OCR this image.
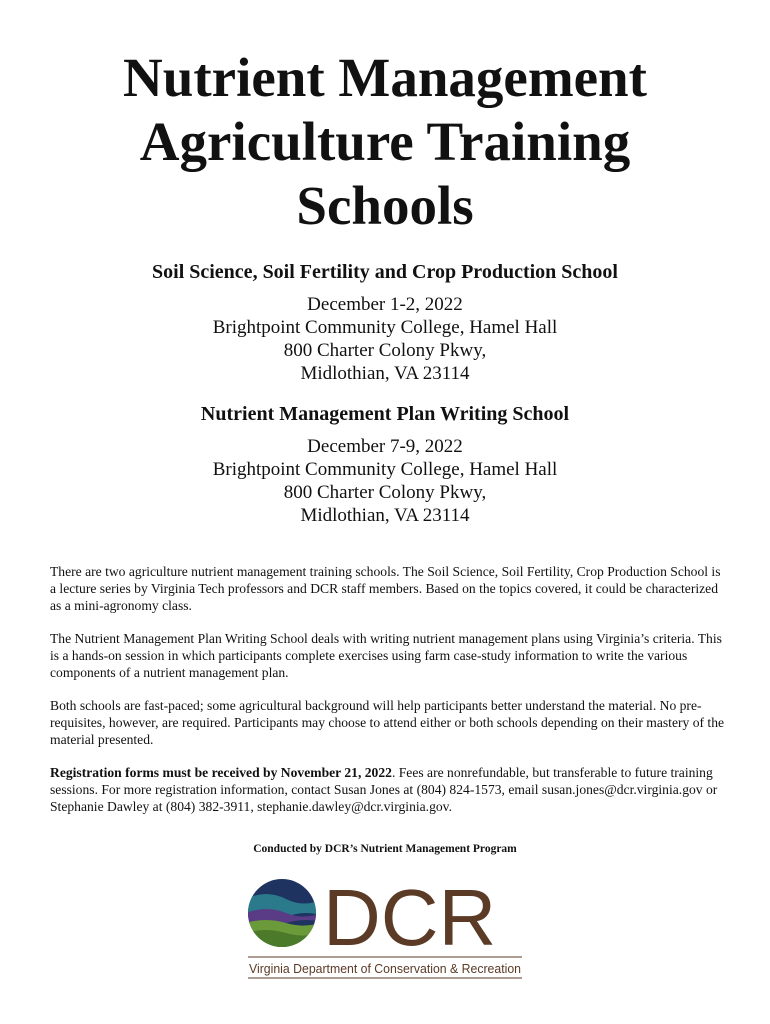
Nutrient Management
Agriculture Training
Schools
Soil Science, Soil Fertility and Crop Production School
December 1-2, 2022
Brightpoint Community College, Hamel Hall
800 Charter Colony Pkwy,
Midlothian, VA 23114
Nutrient Management Plan Writing School
December 7-9, 2022
Brightpoint Community College, Hamel Hall
800 Charter Colony Pkwy,
Midlothian, VA 23114

There are two agriculture nutrient management training schools. The Soil Science, Soil Fertility, Crop Production School is a lecture series by Virginia Tech professors and DCR staff members. Based on the topics covered, it could be characterized as a mini-agronomy class.

The Nutrient Management Plan Writing School deals with writing nutrient management plans using Virginia’s criteria. This is a hands-on session in which participants complete exercises using farm case-study information to write the various components of a nutrient management plan.

Both schools are fast-paced; some agricultural background will help participants better understand the material. No pre-requisites, however, are required. Participants may choose to attend either or both schools depending on their mastery of the material presented.

Registration forms must be received by November 21, 2022. Fees are nonrefundable, but transferable to future training sessions. For more registration information, contact Susan Jones at (804) 824-1573, email susan.jones@dcr.virginia.gov or Stephanie Dawley at (804) 382-3911, stephanie.dawley@dcr.virginia.gov.

Conducted by DCR’s Nutrient Management Program
DCR
Virginia Department of Conservation & Recreation
